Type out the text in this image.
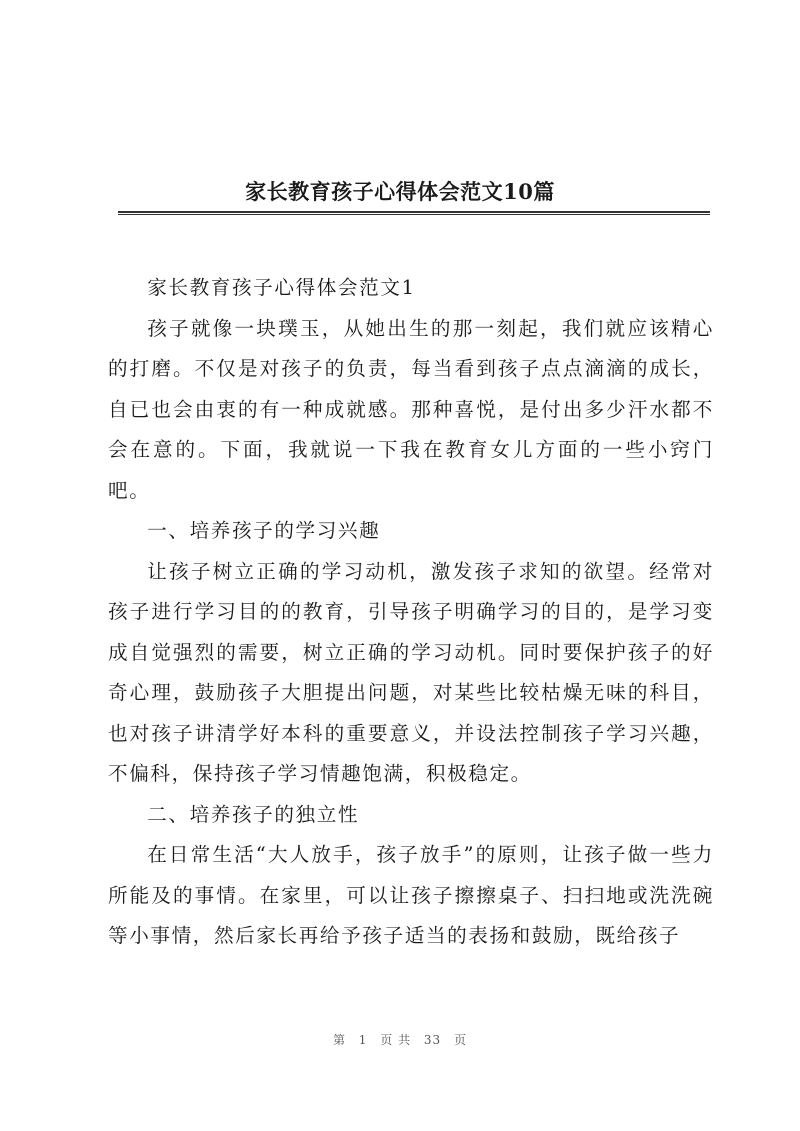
家长教育孩子心得体会范文10篇

家长教育孩子心得体会范文1

孩子就像一块璞玉，从她出生的那一刻起，我们就应该精心的打磨。不仅是对孩子的负责，每当看到孩子点点滴滴的成长，自已也会由衷的有一种成就感。那种喜悦，是付出多少汗水都不会在意的。下面，我就说一下我在教育女儿方面的一些小窍门吧。

一、培养孩子的学习兴趣

让孩子树立正确的学习动机，激发孩子求知的欲望。经常对孩子进行学习目的的教育，引导孩子明确学习的目的，是学习变成自觉强烈的需要，树立正确的学习动机。同时要保护孩子的好奇心理，鼓励孩子大胆提出问题，对某些比较枯燥无味的科目，也对孩子讲清学好本科的重要意义，并设法控制孩子学习兴趣，不偏科，保持孩子学习情趣饱满，积极稳定。

二、培养孩子的独立性

在日常生活“大人放手，孩子放手”的原则，让孩子做一些力所能及的事情。在家里，可以让孩子擦擦桌子、扫扫地或洗洗碗等小事情，然后家长再给予孩子适当的表扬和鼓励，既给孩子

第 1 页 共 33 页
